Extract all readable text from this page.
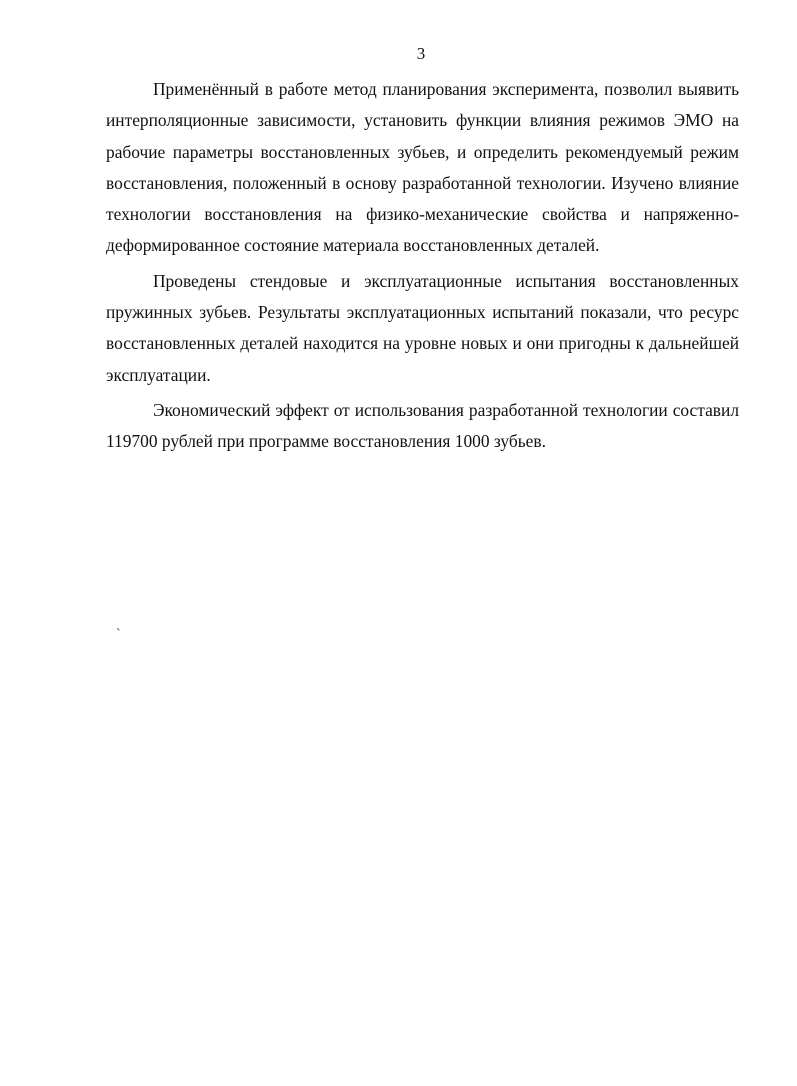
3

Применённый в работе метод планирования эксперимента, позволил выявить интерполяционные зависимости, установить функции влияния режимов ЭМО на рабочие параметры восстановленных зубьев, и определить рекомендуемый режим восстановления, положенный в основу разработанной технологии. Изучено влияние технологии восстановления на физико-механические свойства и напряженно-деформированное состояние материала восстановленных деталей.

Проведены стендовые и эксплуатационные испытания восстановленных пружинных зубьев. Результаты эксплуатационных испытаний показали, что ресурс восстановленных деталей находится на уровне новых и они пригодны к дальнейшей эксплуатации.

Экономический эффект от использования разработанной технологии составил 119700 рублей при программе восстановления 1000 зубьев.

ˋ
